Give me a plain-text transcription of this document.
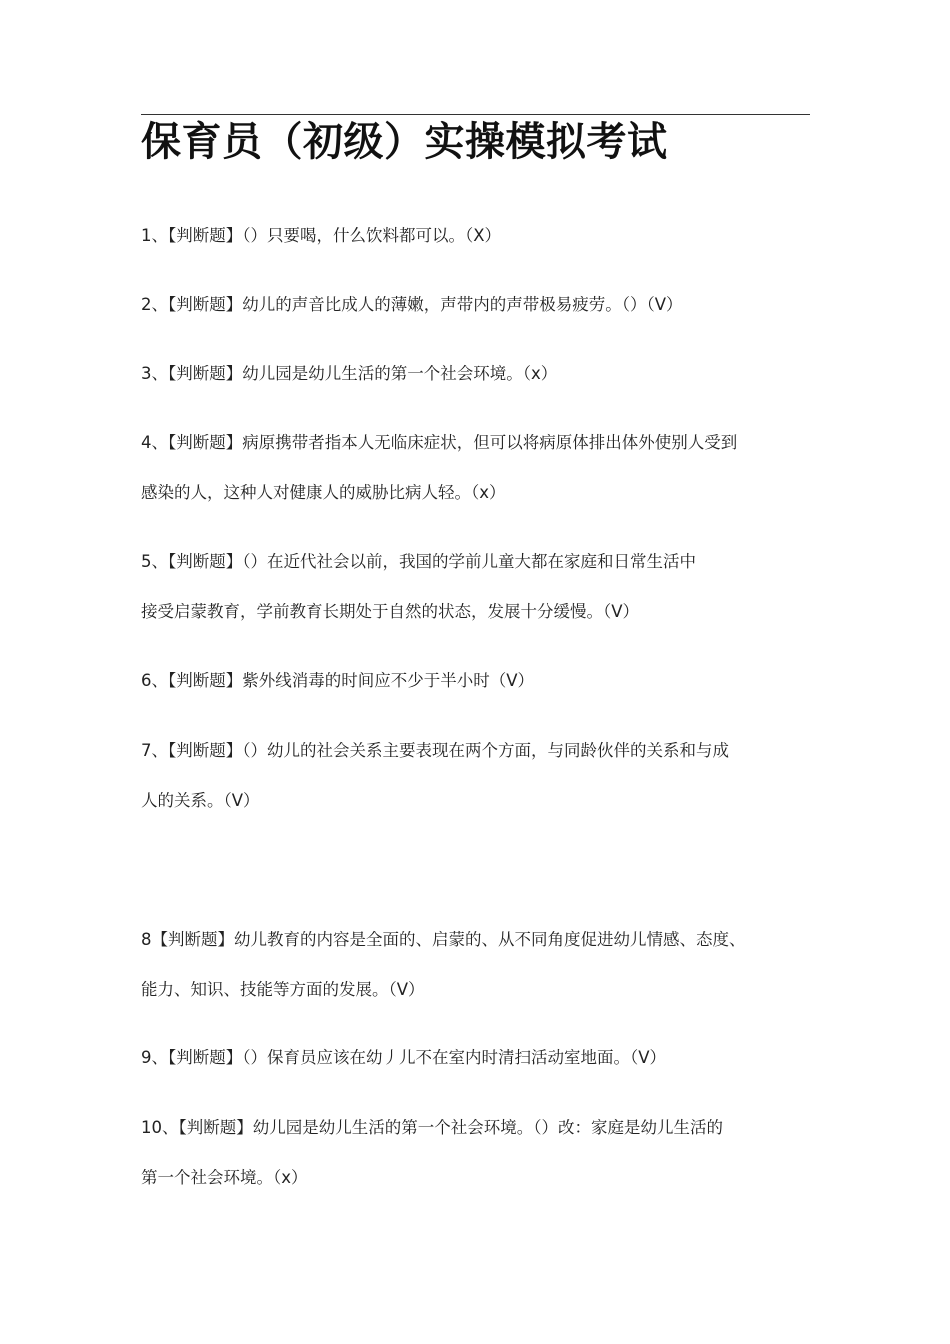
保育员（初级）实操模拟考试
1、【判断题】（）只要喝，什么饮料都可以。（X）
2、【判断题】幼儿的声音比成人的薄嫩，声带内的声带极易疲劳。（）（V）
3、【判断题】幼儿园是幼儿生活的第一个社会环境。（x）
4、【判断题】病原携带者指本人无临床症状，但可以将病原体排出体外使别人受到
感染的人，这种人对健康人的威胁比病人轻。（x）
5、【判断题】（）在近代社会以前，我国的学前儿童大都在家庭和日常生活中
接受启蒙教育，学前教育长期处于自然的状态，发展十分缓慢。（V）
6、【判断题】紫外线消毒的时间应不少于半小时（V）
7、【判断题】（）幼儿的社会关系主要表现在两个方面，与同龄伙伴的关系和与成
人的关系。（V）
8【判断题】幼儿教育的内容是全面的、启蒙的、从不同角度促进幼儿情感、态度、
能力、知识、技能等方面的发展。（V）
9、【判断题】（）保育员应该在幼丿儿不在室内时清扫活动室地面。（V）
10、【判断题】幼儿园是幼儿生活的第一个社会环境。（）改：家庭是幼儿生活的
第一个社会环境。（x）
